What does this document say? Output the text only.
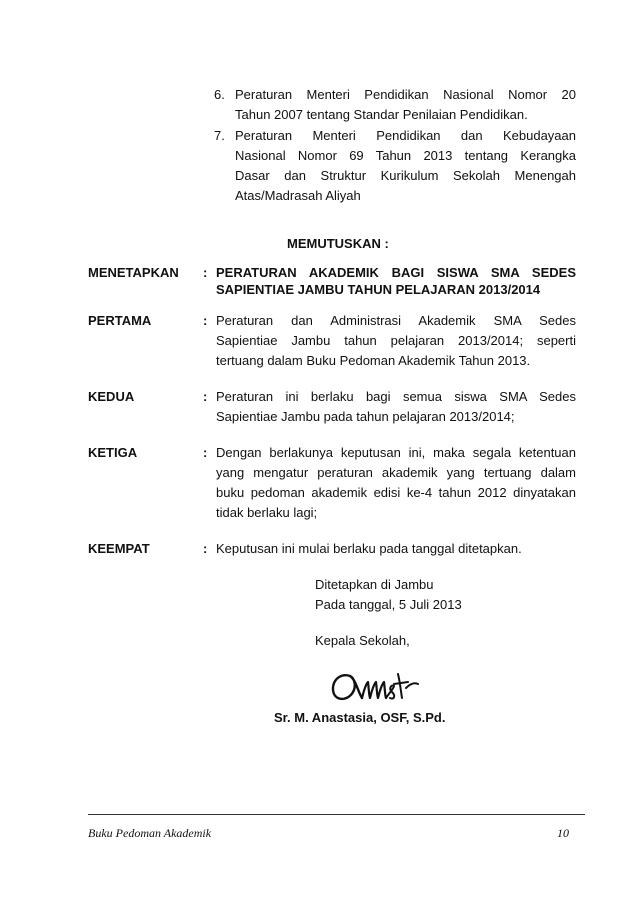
6. Peraturan Menteri Pendidikan Nasional Nomor 20
Tahun 2007 tentang Standar Penilaian Pendidikan.
7. Peraturan Menteri Pendidikan dan Kebudayaan
Nasional Nomor 69 Tahun 2013 tentang Kerangka
Dasar dan Struktur Kurikulum Sekolah Menengah
Atas/Madrasah Aliyah
MEMUTUSKAN :
MENETAPKAN : PERATURAN AKADEMIK BAGI SISWA SMA SEDES
SAPIENTIAE JAMBU TAHUN PELAJARAN 2013/2014
PERTAMA	: Peraturan dan Administrasi Akademik SMA Sedes
Sapientiae Jambu tahun pelajaran 2013/2014; seperti
tertuang dalam Buku Pedoman Akademik Tahun 2013.
KEDUA	: Peraturan ini berlaku bagi semua siswa SMA Sedes
Sapientiae Jambu pada tahun pelajaran 2013/2014;
KETIGA	: Dengan berlakunya keputusan ini, maka segala ketentuan
yang mengatur peraturan akademik yang tertuang dalam
buku pedoman akademik edisi ke-4 tahun 2012 dinyatakan
tidak berlaku lagi;
KEEMPAT	: Keputusan ini mulai berlaku pada tanggal ditetapkan.
Ditetapkan di Jambu
Pada tanggal, 5 Juli 2013
Kepala Sekolah,
Sr. M. Anastasia, OSF, S.Pd.
Buku Pedoman Akademik	10
